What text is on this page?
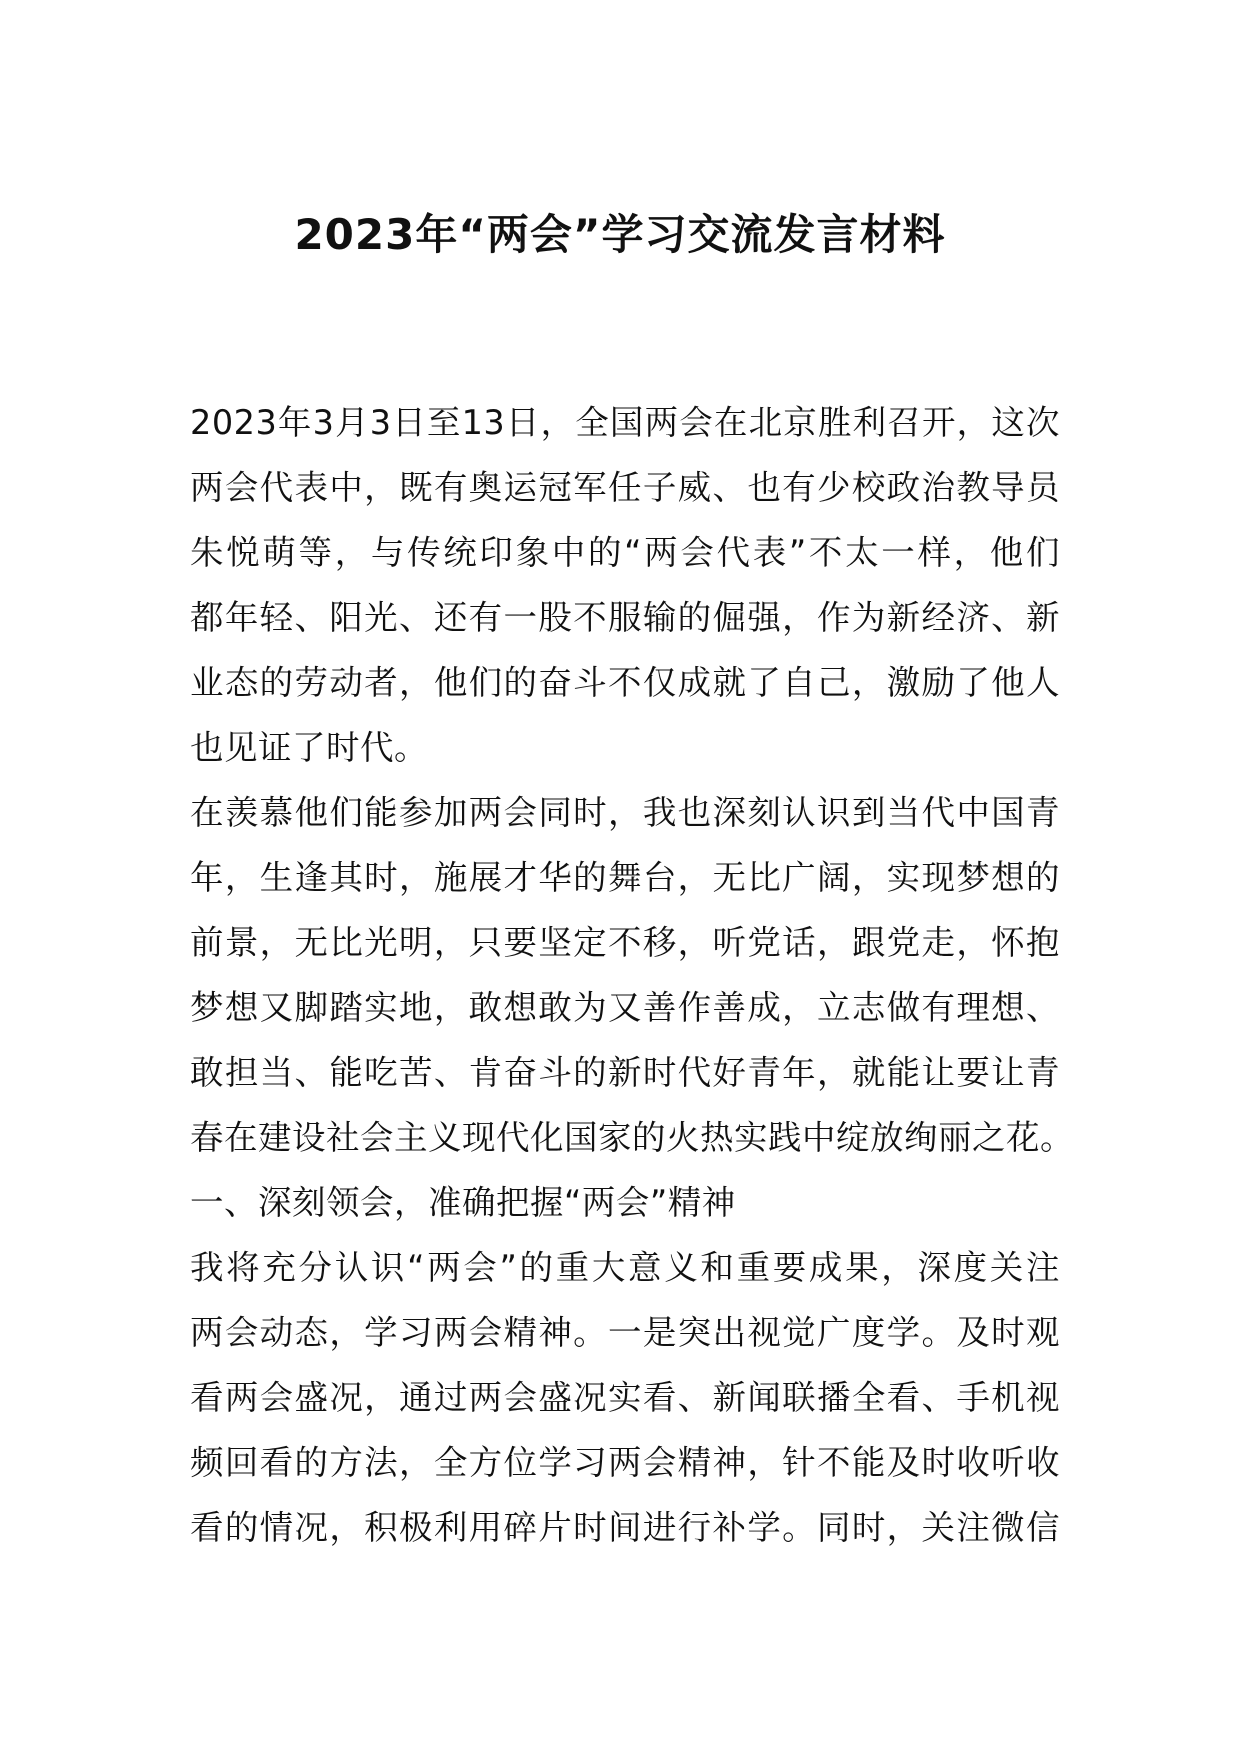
2023年“两会”学习交流发言材料
2023年3月3日至13日，全国两会在北京胜利召开，这次
两会代表中，既有奥运冠军任子威、也有少校政治教导员
朱悦萌等，与传统印象中的“两会代表”不太一样，他们
都年轻、阳光、还有一股不服输的倔强，作为新经济、新
业态的劳动者，他们的奋斗不仅成就了自己，激励了他人
也见证了时代。
在羡慕他们能参加两会同时，我也深刻认识到当代中国青
年，生逢其时，施展才华的舞台，无比广阔，实现梦想的
前景，无比光明，只要坚定不移，听党话，跟党走，怀抱
梦想又脚踏实地，敢想敢为又善作善成，立志做有理想、
敢担当、能吃苦、肯奋斗的新时代好青年，就能让要让青
春在建设社会主义现代化国家的火热实践中绽放绚丽之花。
一、深刻领会，准确把握“两会”精神
我将充分认识“两会”的重大意义和重要成果，深度关注
两会动态，学习两会精神。一是突出视觉广度学。及时观
看两会盛况，通过两会盛况实看、新闻联播全看、手机视
频回看的方法，全方位学习两会精神，针不能及时收听收
看的情况，积极利用碎片时间进行补学。同时，关注微信
